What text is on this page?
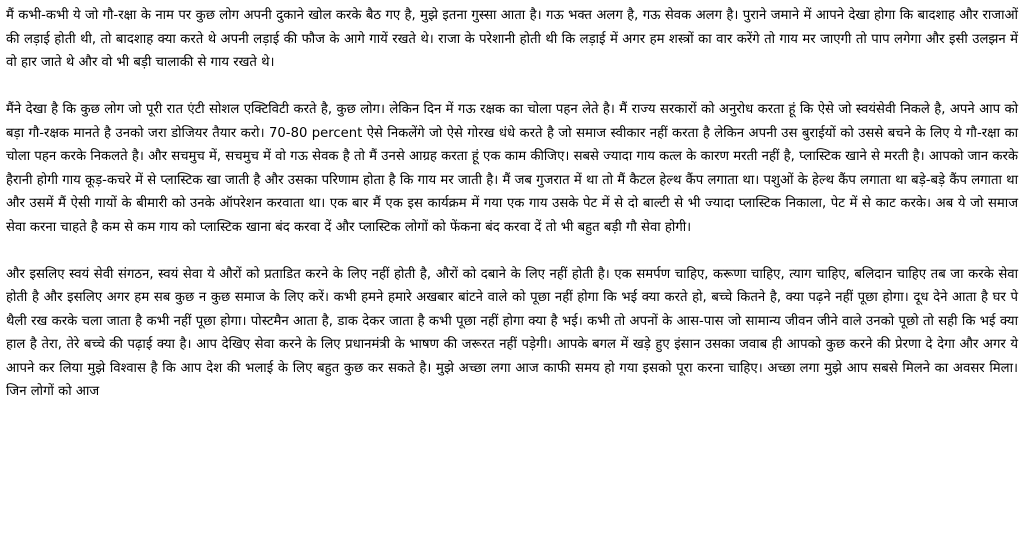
मैं कभी-कभी ये जो गौ-रक्षा के नाम पर कुछ लोग अपनी दुकाने खोल करके बैठ गए है, मुझे इतना गुस्सा आता है। गऊ भक्त अलग है, गऊ सेवक अलग है। पुराने जमाने में आपने देखा होगा कि बादशाह और राजाओं की लड़ाई होती थी, तो बादशाह क्या करते थे अपनी लड़ाई की फौज के आगे गायें रखते थे। राजा के परेशानी होती थी कि लड़ाई में अगर हम शस्त्रों का वार करेंगे तो गाय मर जाएगी तो पाप लगेगा और इसी उलझन में वो हार जाते थे और वो भी बड़ी चालाकी से गाय रखते थे।

मैंने देखा है कि कुछ लोग जो पूरी रात एंटी सोशल एक्टिविटी करते है, कुछ लोग। लेकिन दिन में गऊ रक्षक का चोला पहन लेते है। मैं राज्य सरकारों को अनुरोध करता हूं कि ऐसे जो स्वयंसेवी निकले है, अपने आप को बड़ा गौ-रक्षक मानते है उनको जरा डोजियर तैयार करो। 70-80 percent ऐसे निकलेंगे जो ऐसे गोरख धंधे करते है जो समाज स्वीकार नहीं करता है लेकिन अपनी उस बुराईयों को उससे बचने के लिए ये गौ-रक्षा का चोला पहन करके निकलते है। और सचमुच में, सचमुच में वो गऊ सेवक है तो मैं उनसे आग्रह करता हूं एक काम कीजिए। सबसे ज्यादा गाय कत्ल के कारण मरती नहीं है, प्लास्टिक खाने से मरती है। आपको जान करके हैरानी होगी गाय कूड़-कचरे में से प्लास्टिक खा जाती है और उसका परिणाम होता है कि गाय मर जाती है। मैं जब गुजरात में था तो मैं कैटल हेल्थ कैंप लगाता था। पशुओं के हेल्थ कैंप लगाता था बड़े-बड़े कैंप लगाता था और उसमें मैं ऐसी गायों के बीमारी को उनके ऑपरेशन करवाता था। एक बार मैं एक इस कार्यक्रम में गया एक गाय उसके पेट में से दो बाल्टी से भी ज्यादा प्लास्टिक निकाला, पेट में से काट करके। अब ये जो समाज सेवा करना चाहते है कम से कम गाय को प्लास्टिक खाना बंद करवा दें और प्लास्टिक लोगों को फेंकना बंद करवा दें तो भी बहुत बड़ी गौ सेवा होगी।

और इसलिए स्वयं सेवी संगठन, स्वयं सेवा ये औरों को प्रताडित करने के लिए नहीं होती है, औरों को दबाने के लिए नहीं होती है। एक समर्पण चाहिए, करूणा चाहिए, त्याग चाहिए, बलिदान चाहिए तब जा करके सेवा होती है और इसलिए अगर हम सब कुछ न कुछ समाज के लिए करें। कभी हमने हमारे अखबार बांटने वाले को पूछा नहीं होगा कि भई क्या करते हो, बच्चे कितने है, क्या पढ़ने नहीं पूछा होगा। दूध देने आता है घर पे थैली रख करके चला जाता है कभी नहीं पूछा होगा। पोस्टमैन आता है, डाक देकर जाता है कभी पूछा नहीं होगा क्या है भई। कभी तो अपनों के आस-पास जो सामान्य जीवन जीने वाले उनको पूछो तो सही कि भई क्या हाल है तेरा, तेरे बच्चे की पढ़ाई क्या है। आप देखिए सेवा करने के लिए प्रधानमंत्री के भाषण की जरूरत नहीं पड़ेगी। आपके बगल में खड़े हुए इंसान उसका जवाब ही आपको कुछ करने की प्रेरणा दे देगा और अगर ये आपने कर लिया मुझे विश्वास है कि आप देश की भलाई के लिए बहुत कुछ कर सकते है। मुझे अच्छा लगा आज काफी समय हो गया इसको पूरा करना चाहिए। अच्छा लगा मुझे आप सबसे मिलने का अवसर मिला। जिन लोगों को आज
